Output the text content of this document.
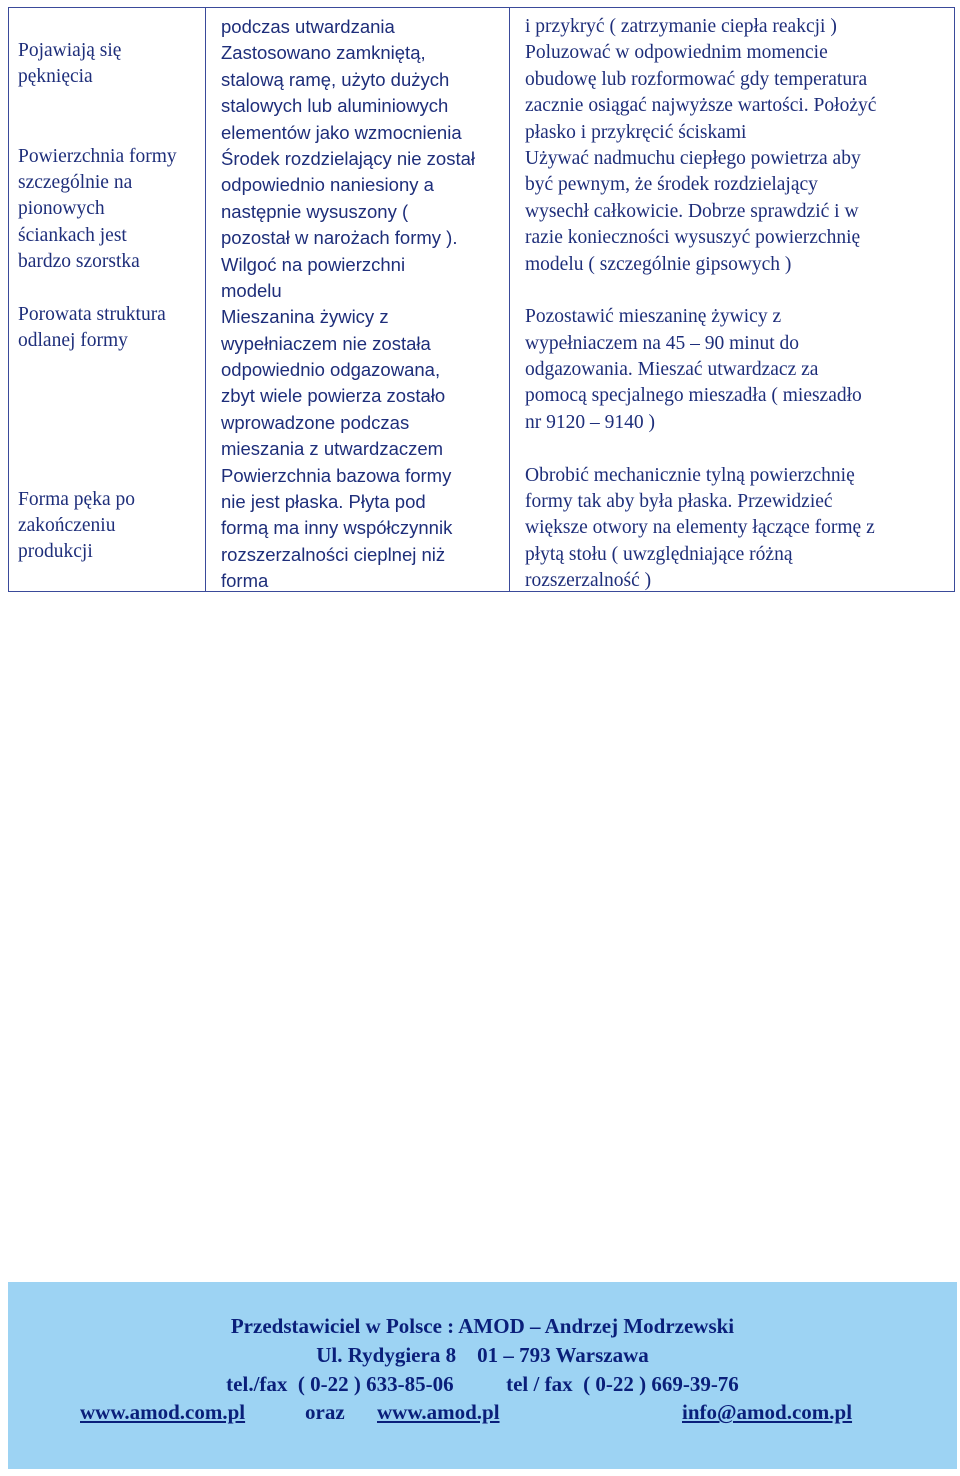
Pojawiają się
pęknięcia
Powierzchnia formy
szczególnie na
pionowych
ściankach jest
bardzo szorstka
Porowata struktura
odlanej formy
Forma pęka po
zakończeniu
produkcji
podczas utwardzania
Zastosowano zamkniętą,
stalową ramę, użyto dużych
stalowych lub aluminiowych
elementów jako wzmocnienia
Środek rozdzielający nie został
odpowiednio naniesiony a
następnie wysuszony (
pozostał w narożach formy ).
Wilgoć na powierzchni
modelu
Mieszanina żywicy z
wypełniaczem nie została
odpowiednio odgazowana,
zbyt wiele powierza zostało
wprowadzone podczas
mieszania z utwardzaczem
Powierzchnia bazowa formy
nie jest płaska. Płyta pod
formą ma inny współczynnik
rozszerzalności cieplnej niż
forma
i przykryć ( zatrzymanie ciepła reakcji )
Poluzować w odpowiednim momencie
obudowę lub rozformować gdy temperatura
zacznie osiągać najwyższe wartości. Położyć
płasko i przykręcić ściskami
Używać nadmuchu ciepłego powietrza aby
być pewnym, że środek rozdzielający
wysechł całkowicie. Dobrze sprawdzić i w
razie konieczności wysuszyć powierzchnię
modelu ( szczególnie gipsowych )
Pozostawić mieszaninę żywicy z
wypełniaczem na 45 – 90 minut do
odgazowania. Mieszać utwardzacz za
pomocą specjalnego mieszadła ( mieszadło
nr 9120 – 9140 )
Obrobić mechanicznie tylną powierzchnię
formy tak aby była płaska. Przewidzieć
większe otwory na elementy łączące formę z
płytą stołu ( uwzględniające różną
rozszerzalność )
Przedstawiciel w Polsce : AMOD – Andrzej Modrzewski
Ul. Rydygiera 8    01 – 793 Warszawa
tel./fax  ( 0-22 ) 633-85-06          tel / fax  ( 0-22 ) 669-39-76
www.amod.com.pl	oraz www.amod.pl	info@amod.com.pl
